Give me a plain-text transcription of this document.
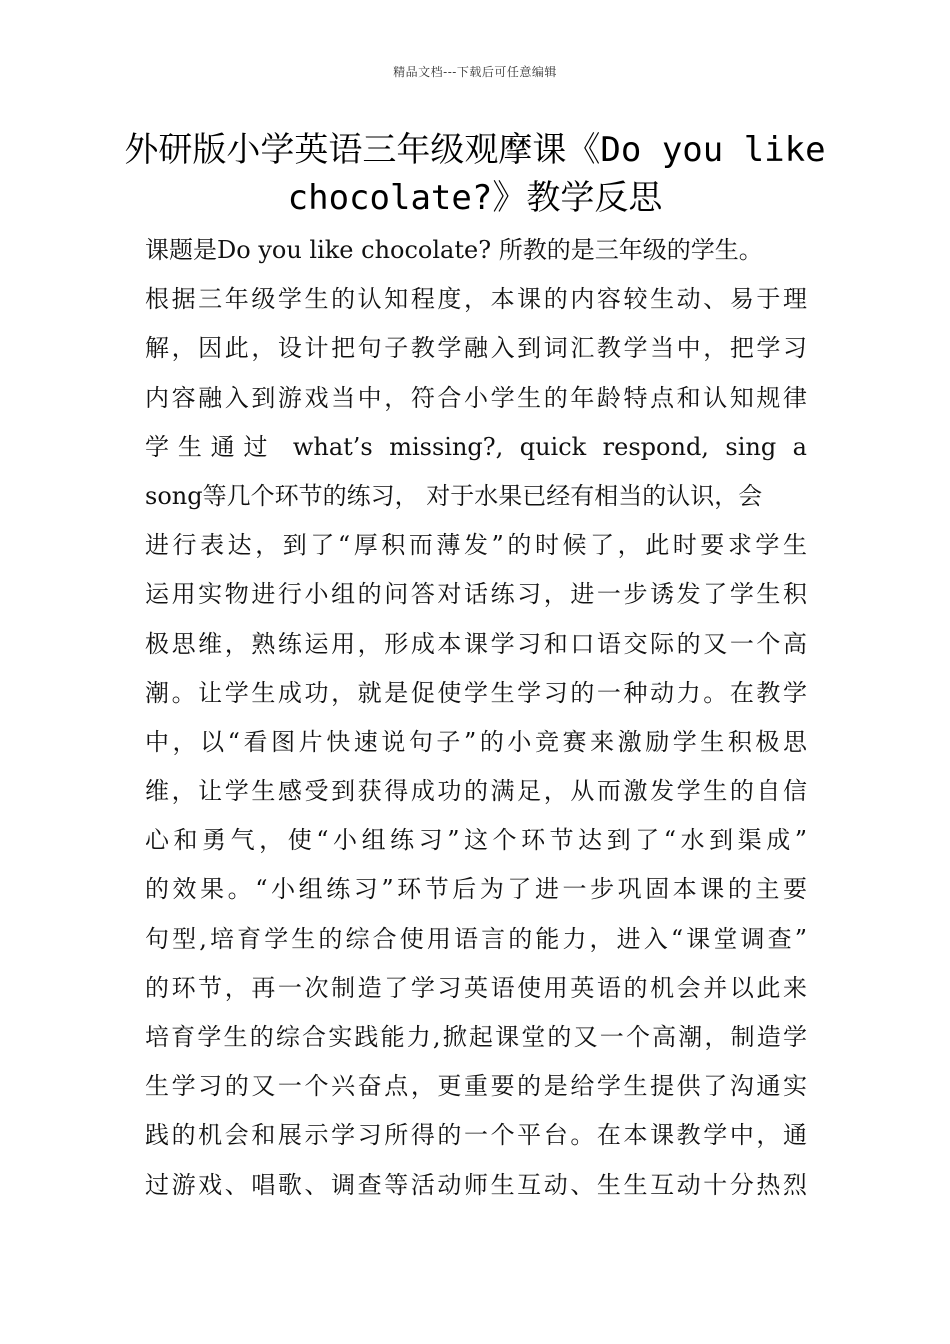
精品文档---下载后可任意编辑
外研版小学英语三年级观摩课《Do you like chocolate?》教学反思
课题是Do you like chocolate? 所教的是三年级的学生。
根据三年级学生的认知程度，本课的内容较生动、易于理
解，因此，设计把句子教学融入到词汇教学当中，把学习
内容融入到游戏当中，符合小学生的年龄特点和认知规律
学生通过 what’s missing?, quick respond, sing a
song等几个环节的练习， 对于水果已经有相当的认识，会
进行表达，到了“厚积而薄发”的时候了，此时要求学生
运用实物进行小组的问答对话练习，进一步诱发了学生积
极思维，熟练运用，形成本课学习和口语交际的又一个高
潮。让学生成功，就是促使学生学习的一种动力。在教学
中，以“看图片快速说句子”的小竞赛来激励学生积极思
维，让学生感受到获得成功的满足，从而激发学生的自信
心和勇气，使“小组练习”这个环节达到了“水到渠成”
的效果。“小组练习”环节后为了进一步巩固本课的主要
句型,培育学生的综合使用语言的能力，进入“课堂调查”
的环节，再一次制造了学习英语使用英语的机会并以此来
培育学生的综合实践能力,掀起课堂的又一个高潮，制造学
生学习的又一个兴奋点，更重要的是给学生提供了沟通实
践的机会和展示学习所得的一个平台。在本课教学中，通
过游戏、唱歌、调查等活动师生互动、生生互动十分热烈
